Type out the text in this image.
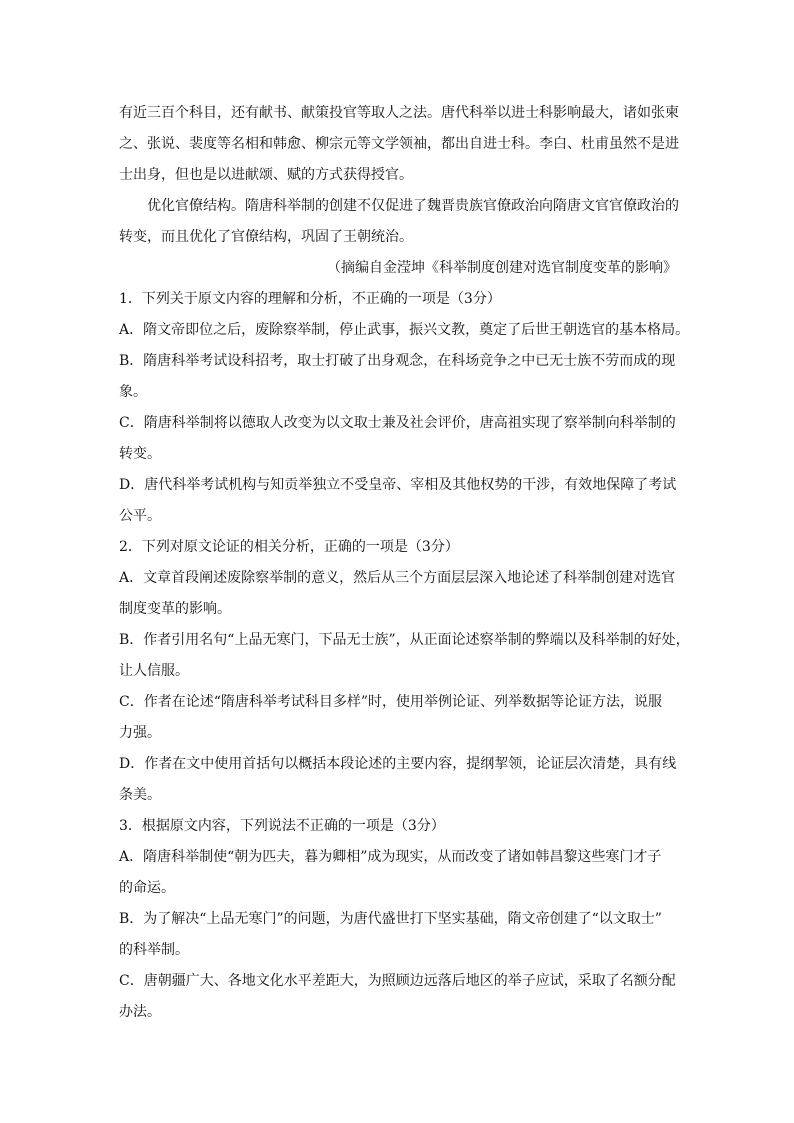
有近三百个科目，还有献书、献策投官等取人之法。唐代科举以进士科影响最大，诸如张柬
之、张说、裴度等名相和韩愈、柳宗元等文学领袖，都出自进士科。李白、杜甫虽然不是进
士出身，但也是以进献颂、赋的方式获得授官。
优化官僚结构。隋唐科举制的创建不仅促进了魏晋贵族官僚政治向隋唐文官官僚政治的
转变，而且优化了官僚结构，巩固了王朝统治。
（摘编自金滢坤《科举制度创建对选官制度变革的影响》
1．下列关于原文内容的理解和分析，不正确的一项是（3分）
A．隋文帝即位之后，废除察举制，停止武事，振兴文教，奠定了后世王朝选官的基本格局。
B．隋唐科举考试设科招考，取士打破了出身观念，在科场竞争之中已无士族不劳而成的现
象。
C．隋唐科举制将以德取人改变为以文取士兼及社会评价，唐高祖实现了察举制向科举制的
转变。
D．唐代科举考试机构与知贡举独立不受皇帝、宰相及其他权势的干涉，有效地保障了考试
公平。
2．下列对原文论证的相关分析，正确的一项是（3分）
A．文章首段阐述废除察举制的意义，然后从三个方面层层深入地论述了科举制创建对选官
制度变革的影响。
B．作者引用名句“上品无寒门，下品无士族”，从正面论述察举制的弊端以及科举制的好处，
让人信服。
C．作者在论述“隋唐科举考试科目多样”时，使用举例论证、列举数据等论证方法，说服
力强。
D．作者在文中使用首括句以概括本段论述的主要内容，提纲挈领，论证层次清楚，具有线
条美。
3．根据原文内容，下列说法不正确的一项是（3分）
A．隋唐科举制使“朝为匹夫，暮为卿相”成为现实，从而改变了诸如韩昌黎这些寒门才子
的命运。
B．为了解决“上品无寒门”的问题，为唐代盛世打下坚实基础，隋文帝创建了“以文取士”
的科举制。
C．唐朝疆广大、各地文化水平差距大，为照顾边远落后地区的举子应试，采取了名额分配
办法。
